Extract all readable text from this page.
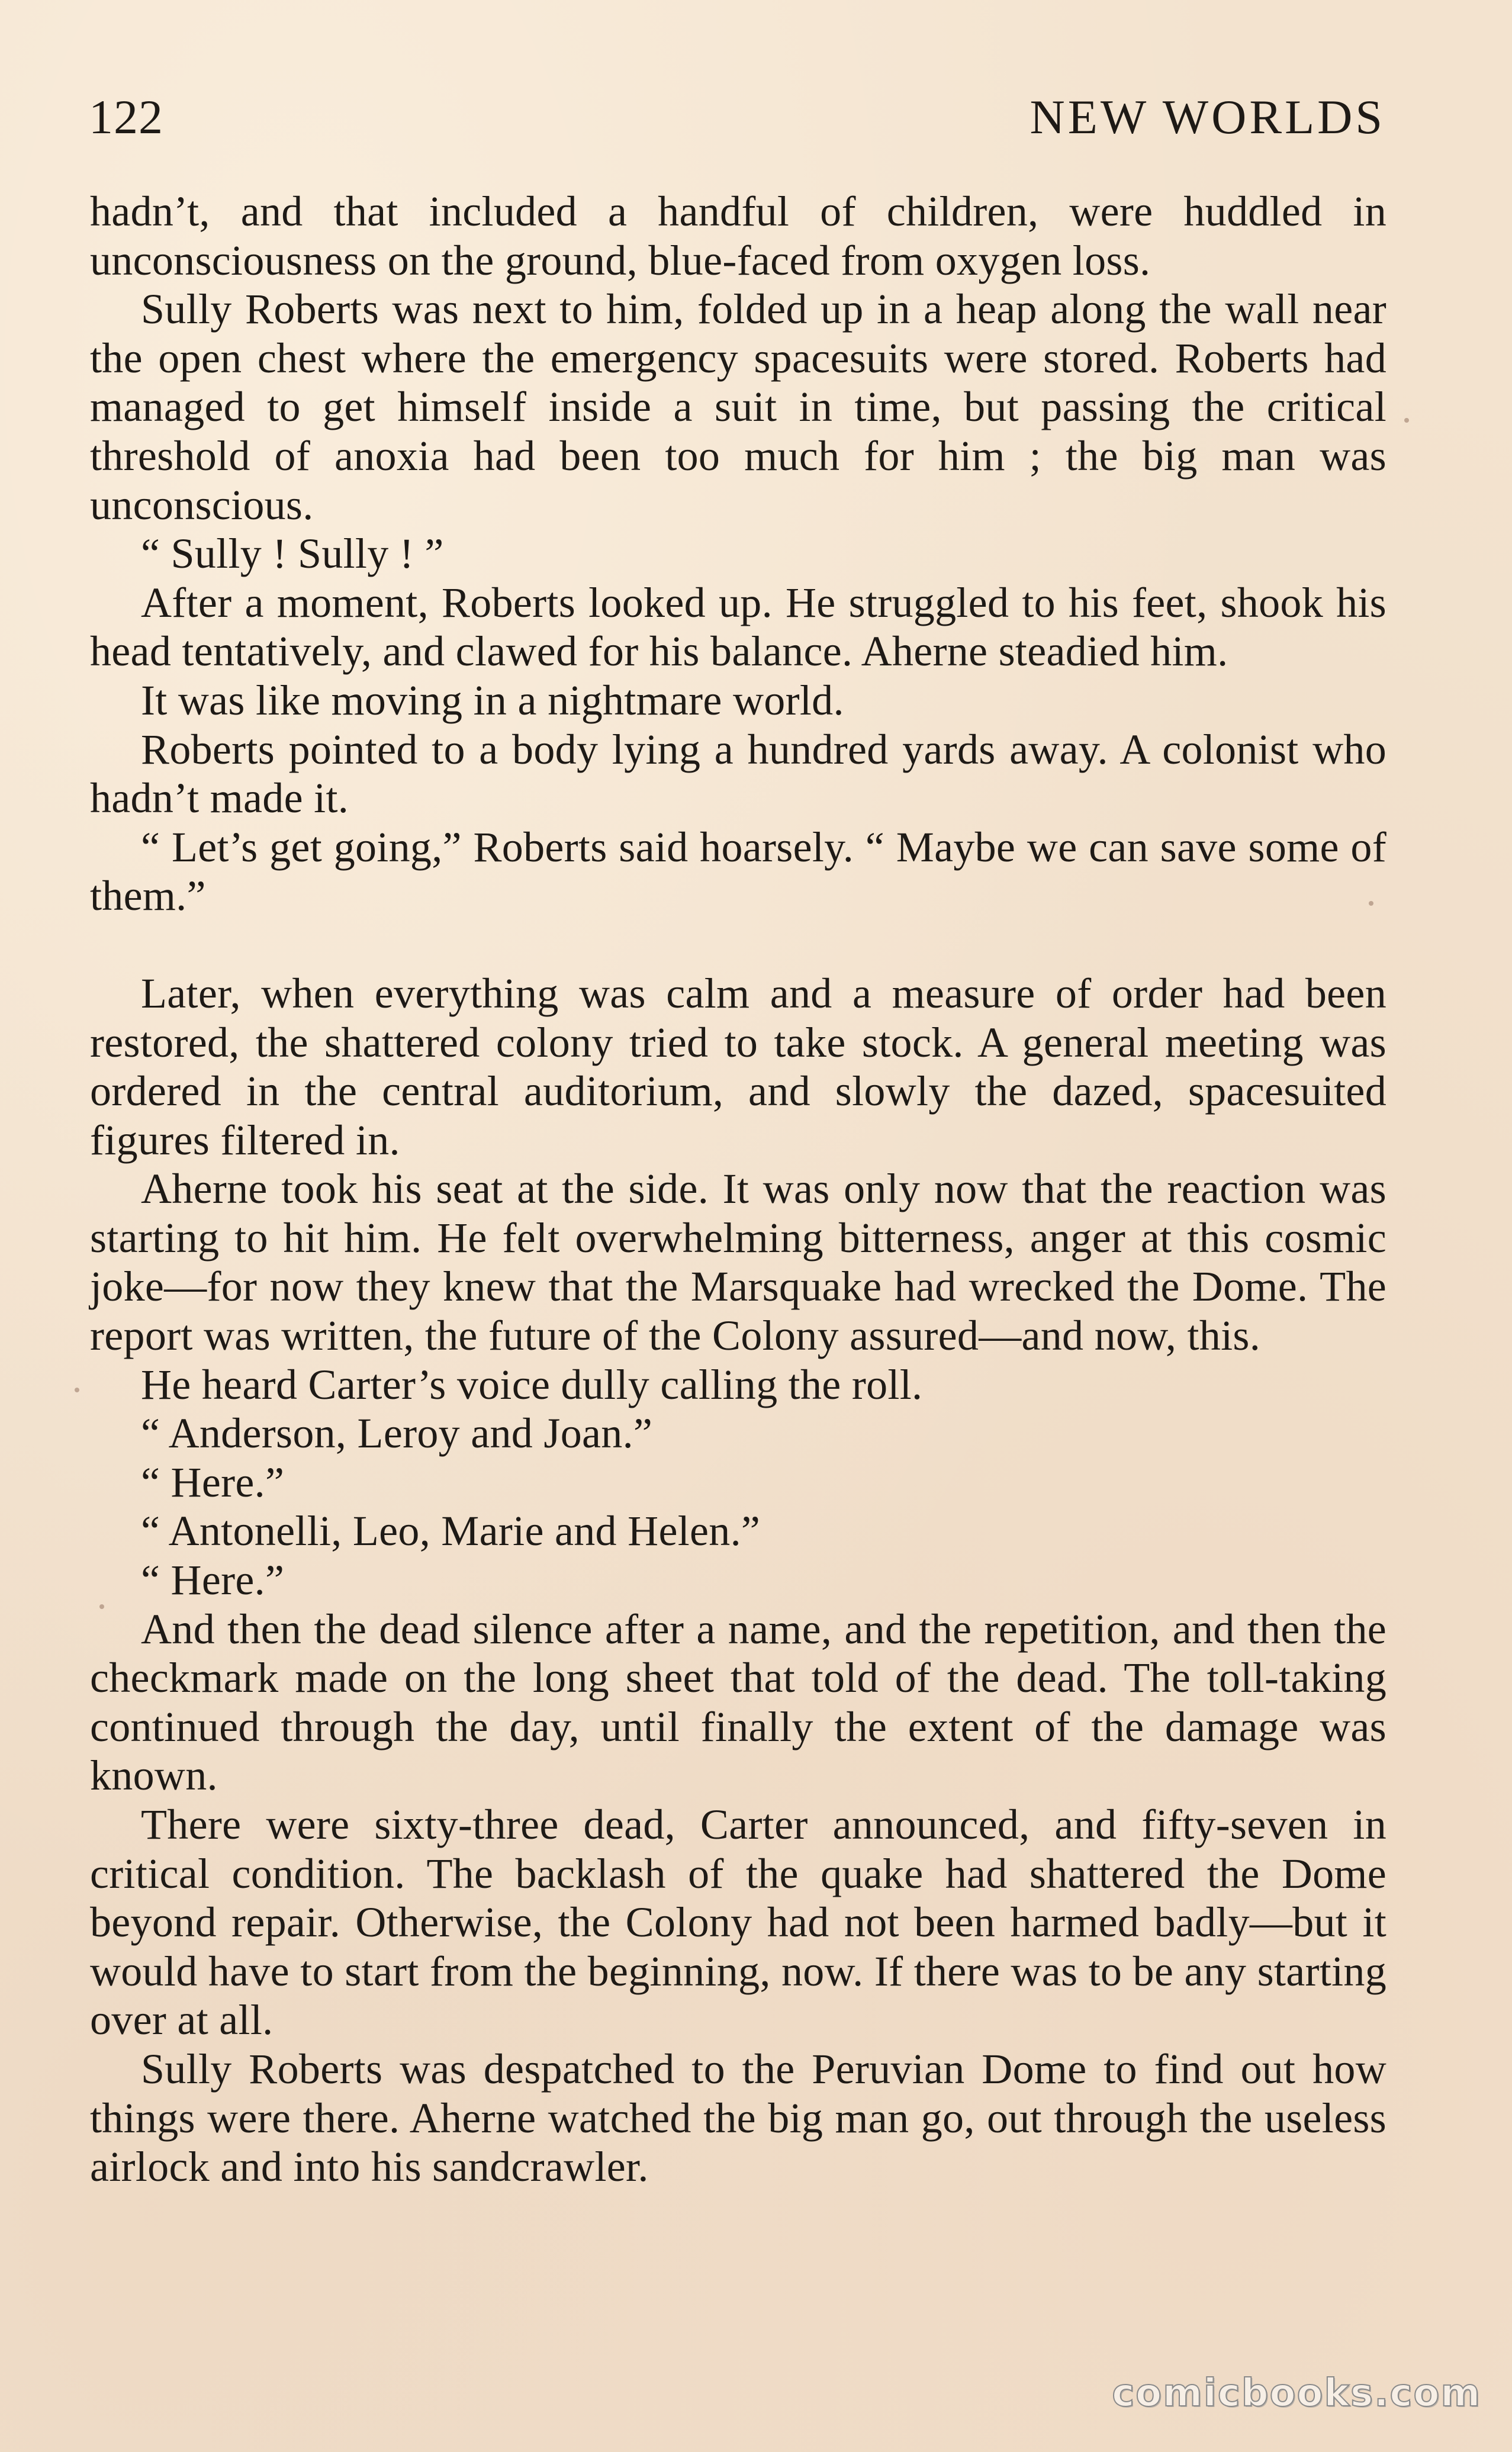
122	NEW WORLDS

hadn’t, and that included a handful of children, were huddled in unconsciousness on the ground, blue-faced from oxygen loss.

Sully Roberts was next to him, folded up in a heap along the wall near the open chest where the emergency spacesuits were stored. Roberts had managed to get himself inside a suit in time, but passing the critical threshold of anoxia had been too much for him ; the big man was unconscious.

“ Sully ! Sully ! ”

After a moment, Roberts looked up. He struggled to his feet, shook his head tentatively, and clawed for his balance. Aherne steadied him.

It was like moving in a nightmare world.

Roberts pointed to a body lying a hundred yards away. A colonist who hadn’t made it.

“ Let’s get going,” Roberts said hoarsely. “ Maybe we can save some of them.”

Later, when everything was calm and a measure of order had been restored, the shattered colony tried to take stock. A general meeting was ordered in the central auditorium, and slowly the dazed, spacesuited figures filtered in.

Aherne took his seat at the side. It was only now that the reaction was starting to hit him. He felt overwhelming bitterness, anger at this cosmic joke—for now they knew that the Marsquake had wrecked the Dome. The report was written, the future of the Colony assured—and now, this.

He heard Carter’s voice dully calling the roll.

“ Anderson, Leroy and Joan.”

“ Here.”

“ Antonelli, Leo, Marie and Helen.”

“ Here.”

And then the dead silence after a name, and the repetition, and then the checkmark made on the long sheet that told of the dead. The toll-taking continued through the day, until finally the extent of the damage was known.

There were sixty-three dead, Carter announced, and fifty-seven in critical condition. The backlash of the quake had shattered the Dome beyond repair. Otherwise, the Colony had not been harmed badly—but it would have to start from the beginning, now. If there was to be any starting over at all.

Sully Roberts was despatched to the Peruvian Dome to find out how things were there. Aherne watched the big man go, out through the useless airlock and into his sandcrawler.

comicbooks.com
